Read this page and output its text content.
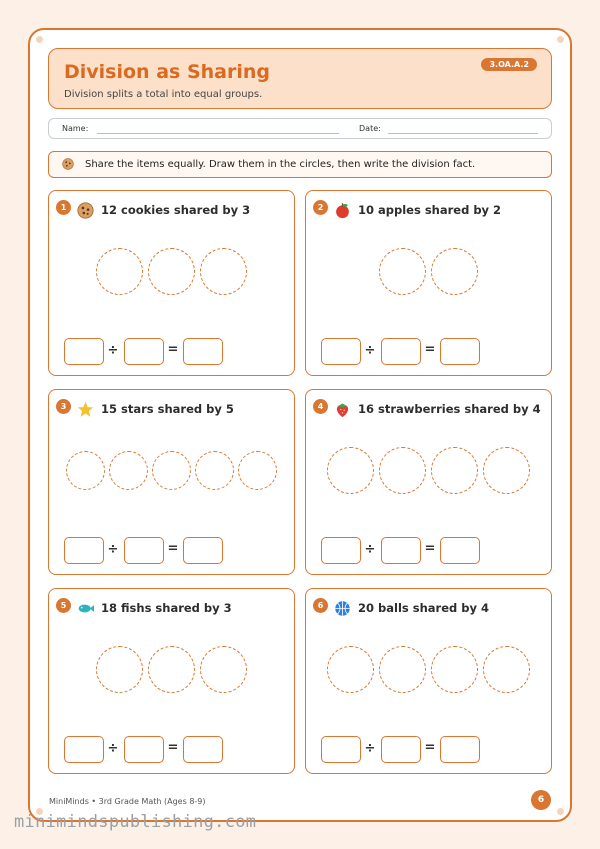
Division as Sharing
Division splits a total into equal groups.
3.OA.A.2
Name:	Date:
Share the items equally. Draw them in the circles, then write the division fact.
1	12 cookies shared by 3
÷	=
2	10 apples shared by 2
÷	=
3	15 stars shared by 5
÷	=
4	16 strawberries shared by 4
÷	=
5	18 fishs shared by 3
÷	=
6	20 balls shared by 4
÷	=
MiniMinds • 3rd Grade Math (Ages 8-9)	6
minimindspublishing.com
